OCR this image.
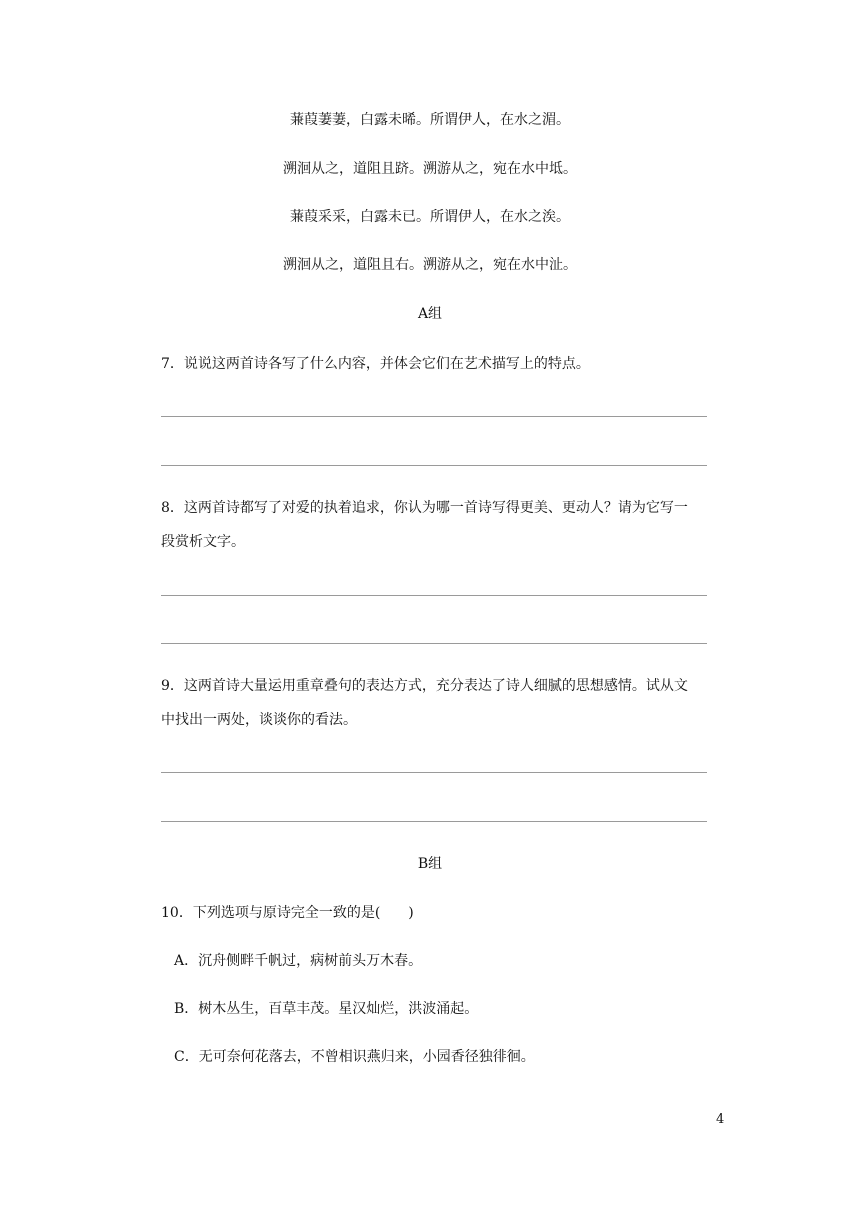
蒹葭萋萋，白露未晞。所谓伊人，在水之湄。
溯洄从之，道阻且跻。溯游从之，宛在水中坻。
蒹葭采采，白露未已。所谓伊人，在水之涘。
溯洄从之，道阻且右。溯游从之，宛在水中沚。
A组
7．说说这两首诗各写了什么内容，并体会它们在艺术描写上的特点。
8．这两首诗都写了对爱的执着追求，你认为哪一首诗写得更美、更动人？请为它写一
段赏析文字。
9．这两首诗大量运用重章叠句的表达方式，充分表达了诗人细腻的思想感情。试从文
中找出一两处，谈谈你的看法。
B组
10．下列选项与原诗完全一致的是(　　)
A．沉舟侧畔千帆过，病树前头万木春。
B．树木丛生，百草丰茂。星汉灿烂，洪波涌起。
C．无可奈何花落去，不曾相识燕归来，小园香径独徘徊。
4
